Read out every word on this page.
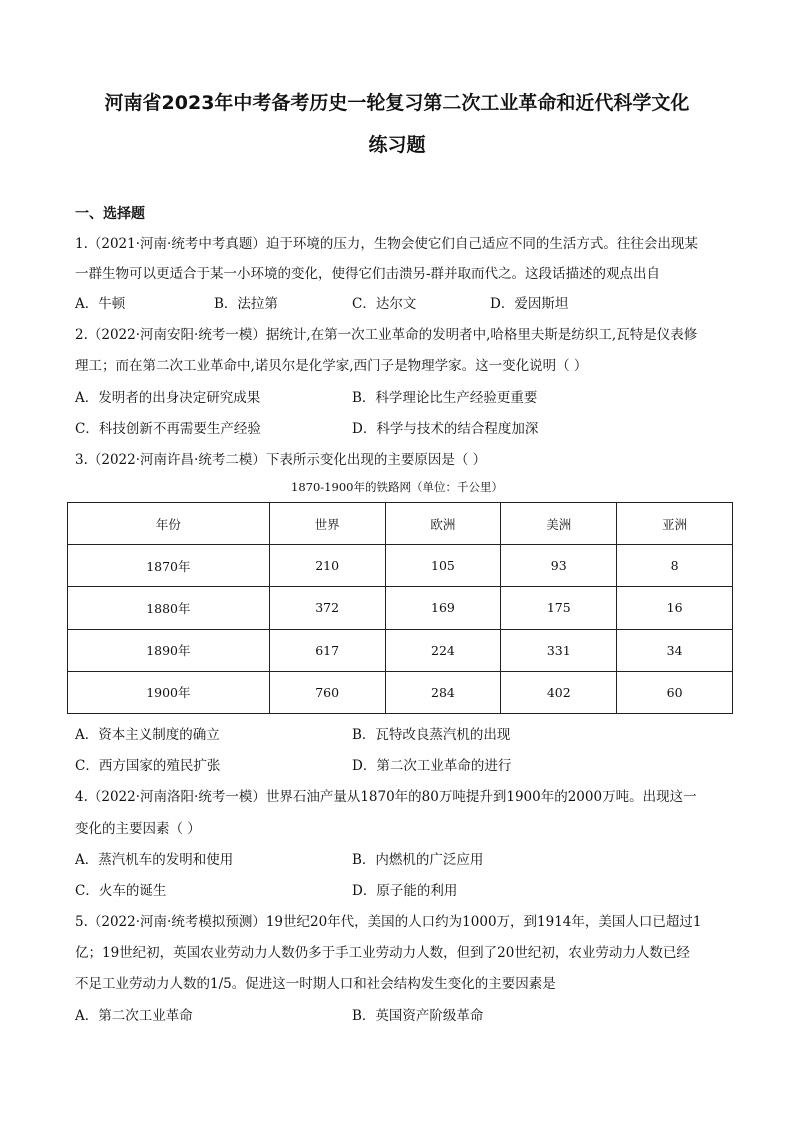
河南省2023年中考备考历史一轮复习第二次工业革命和近代科学文化
练习题
一、选择题
1.（2021·河南·统考中考真题）迫于环境的压力，生物会使它们自己适应不同的生活方式。往往会出现某
一群生物可以更适合于某一小环境的变化，使得它们击溃另-群并取而代之。这段话描述的观点出自
A．牛顿	B．法拉第	C．达尔文	D．爱因斯坦
2.（2022·河南安阳·统考一模）据统计,在第一次工业革命的发明者中,哈格里夫斯是纺织工,瓦特是仪表修
理工；而在第二次工业革命中,诺贝尔是化学家,西门子是物理学家。这一变化说明（ ）
A．发明者的出身决定研究成果	B．科学理论比生产经验更重要
C．科技创新不再需要生产经验	D．科学与技术的结合程度加深
3.（2022·河南许昌·统考二模）下表所示变化出现的主要原因是（ ）
1870-1900年的铁路网（单位：千公里）
年份	世界	欧洲	美洲	亚洲
1870年	210	105	93	8
1880年	372	169	175	16
1890年	617	224	331	34
1900年	760	284	402	60
A．资本主义制度的确立	B．瓦特改良蒸汽机的出现
C．西方国家的殖民扩张	D．第二次工业革命的进行
4.（2022·河南洛阳·统考一模）世界石油产量从1870年的80万吨提升到1900年的2000万吨。出现这一
变化的主要因素（ ）
A．蒸汽机车的发明和使用	B．内燃机的广泛应用
C．火车的诞生	D．原子能的利用
5.（2022·河南·统考模拟预测）19世纪20年代，美国的人口约为1000万，到1914年，美国人口已超过1
亿；19世纪初，英国农业劳动力人数仍多于手工业劳动力人数，但到了20世纪初，农业劳动力人数已经
不足工业劳动力人数的1/5。促进这一时期人口和社会结构发生变化的主要因素是
A．第二次工业革命	B．英国资产阶级革命
